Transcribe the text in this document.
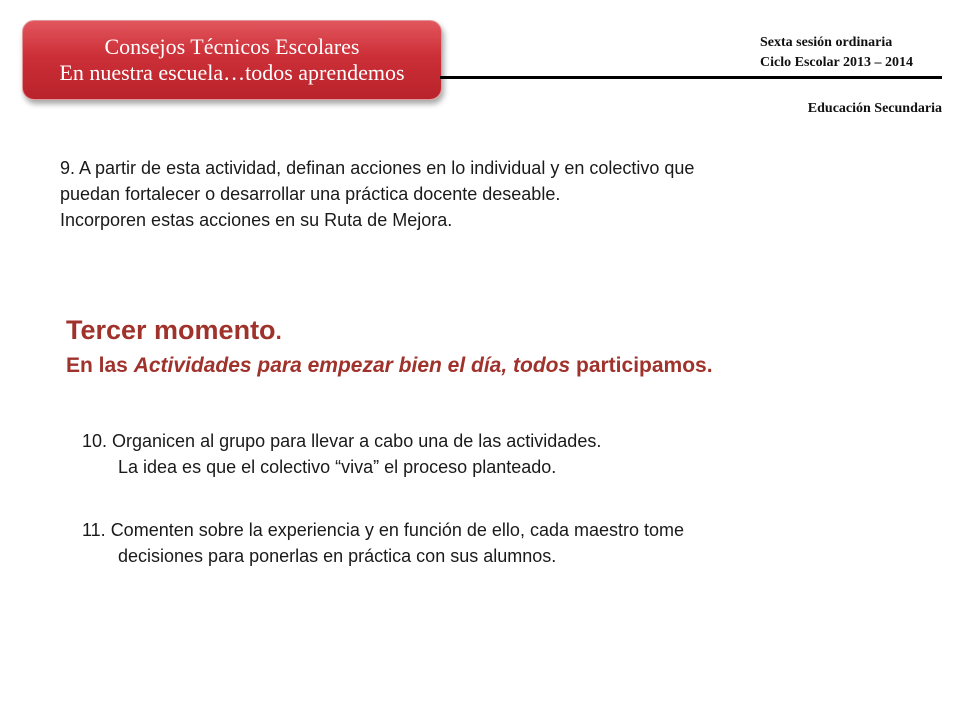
Consejos Técnicos Escolares
En nuestra escuela…todos aprendemos
Sexta sesión ordinaria
Ciclo Escolar 2013 – 2014
Educación Secundaria
9. A partir de esta actividad, definan acciones en lo individual y en colectivo que
puedan fortalecer o desarrollar una práctica docente deseable.
Incorporen estas acciones en su Ruta de Mejora.
Tercer momento.
En las Actividades para empezar bien el día, todos participamos.
10. Organicen al grupo para llevar a cabo una de las actividades.
La idea es que el colectivo “viva” el proceso planteado.
11. Comenten sobre la experiencia y en función de ello, cada maestro tome
decisiones para ponerlas en práctica con sus alumnos.
